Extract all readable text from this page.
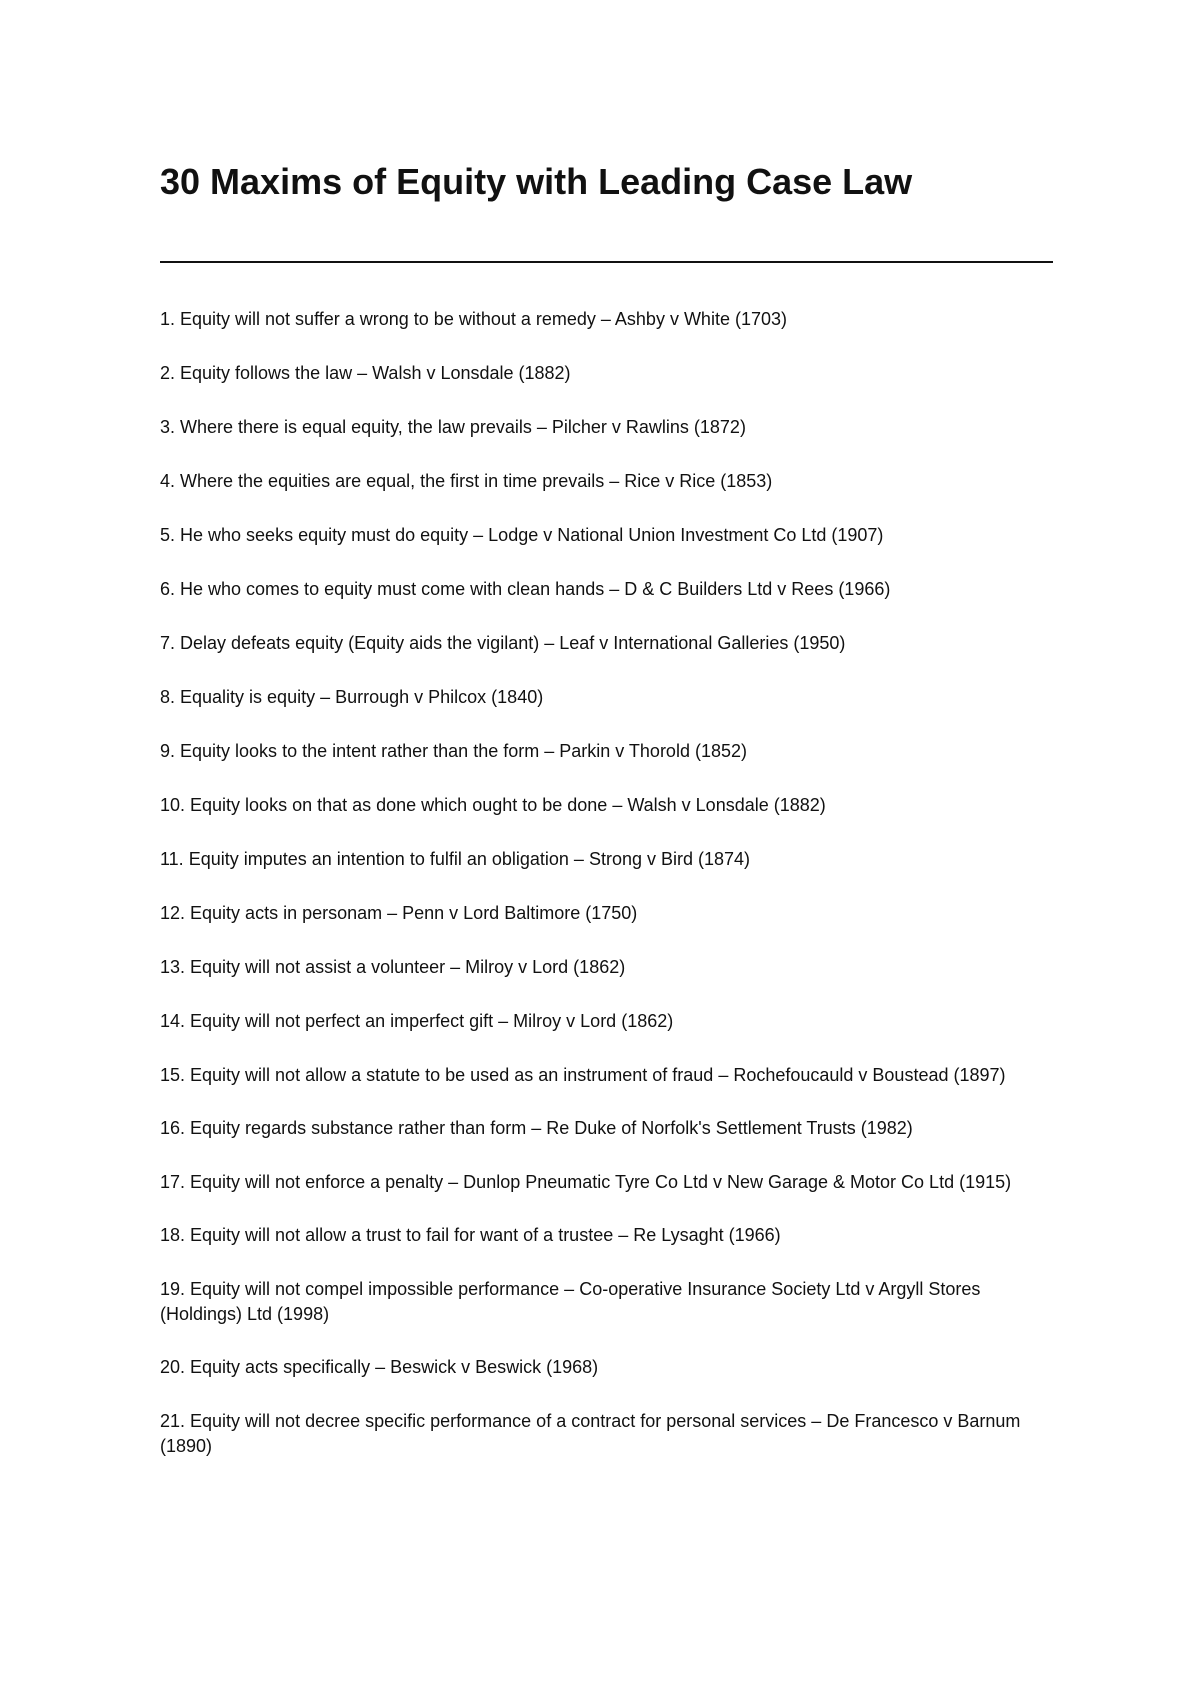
30 Maxims of Equity with Leading Case Law
1. Equity will not suffer a wrong to be without a remedy – Ashby v White (1703)
2. Equity follows the law – Walsh v Lonsdale (1882)
3. Where there is equal equity, the law prevails – Pilcher v Rawlins (1872)
4. Where the equities are equal, the first in time prevails – Rice v Rice (1853)
5. He who seeks equity must do equity – Lodge v National Union Investment Co Ltd (1907)
6. He who comes to equity must come with clean hands – D & C Builders Ltd v Rees (1966)
7. Delay defeats equity (Equity aids the vigilant) – Leaf v International Galleries (1950)
8. Equality is equity – Burrough v Philcox (1840)
9. Equity looks to the intent rather than the form – Parkin v Thorold (1852)
10. Equity looks on that as done which ought to be done – Walsh v Lonsdale (1882)
11. Equity imputes an intention to fulfil an obligation – Strong v Bird (1874)
12. Equity acts in personam – Penn v Lord Baltimore (1750)
13. Equity will not assist a volunteer – Milroy v Lord (1862)
14. Equity will not perfect an imperfect gift – Milroy v Lord (1862)
15. Equity will not allow a statute to be used as an instrument of fraud – Rochefoucauld v Boustead (1897)
16. Equity regards substance rather than form – Re Duke of Norfolk's Settlement Trusts (1982)
17. Equity will not enforce a penalty – Dunlop Pneumatic Tyre Co Ltd v New Garage & Motor Co Ltd (1915)
18. Equity will not allow a trust to fail for want of a trustee – Re Lysaght (1966)
19. Equity will not compel impossible performance – Co-operative Insurance Society Ltd v Argyll Stores (Holdings) Ltd (1998)
20. Equity acts specifically – Beswick v Beswick (1968)
21. Equity will not decree specific performance of a contract for personal services – De Francesco v Barnum (1890)
